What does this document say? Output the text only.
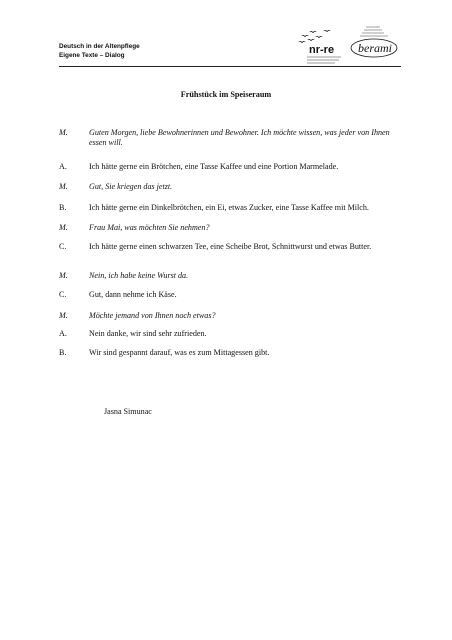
Deutsch in der Altenpflege
Eigene Texte – Dialog	nr-re berami
Frühstück im Speiseraum
M.	Guten Morgen, liebe Bewohnerinnen und Bewohner. Ich möchte wissen, was jeder von Ihnen essen will.
A.	Ich hätte gerne ein Brötchen, eine Tasse Kaffee und eine Portion Marmelade.
M.	Gut, Sie kriegen das jetzt.
B.	Ich hätte gerne ein Dinkelbrötchen, ein Ei, etwas Zucker, eine Tasse Kaffee mit Milch.
M.	Frau Mai, was möchten Sie nehmen?
C.	Ich hätte gerne einen schwarzen Tee, eine Scheibe Brot, Schnittwurst und etwas Butter.
M.	Nein, ich habe keine Wurst da.
C.	Gut, dann nehme ich Käse.
M.	Möchte jemand von Ihnen noch etwas?
A.	Nein danke, wir sind sehr zufrieden.
B.	Wir sind gespannt darauf, was es zum Mittagessen gibt.
Jasna Simunac
